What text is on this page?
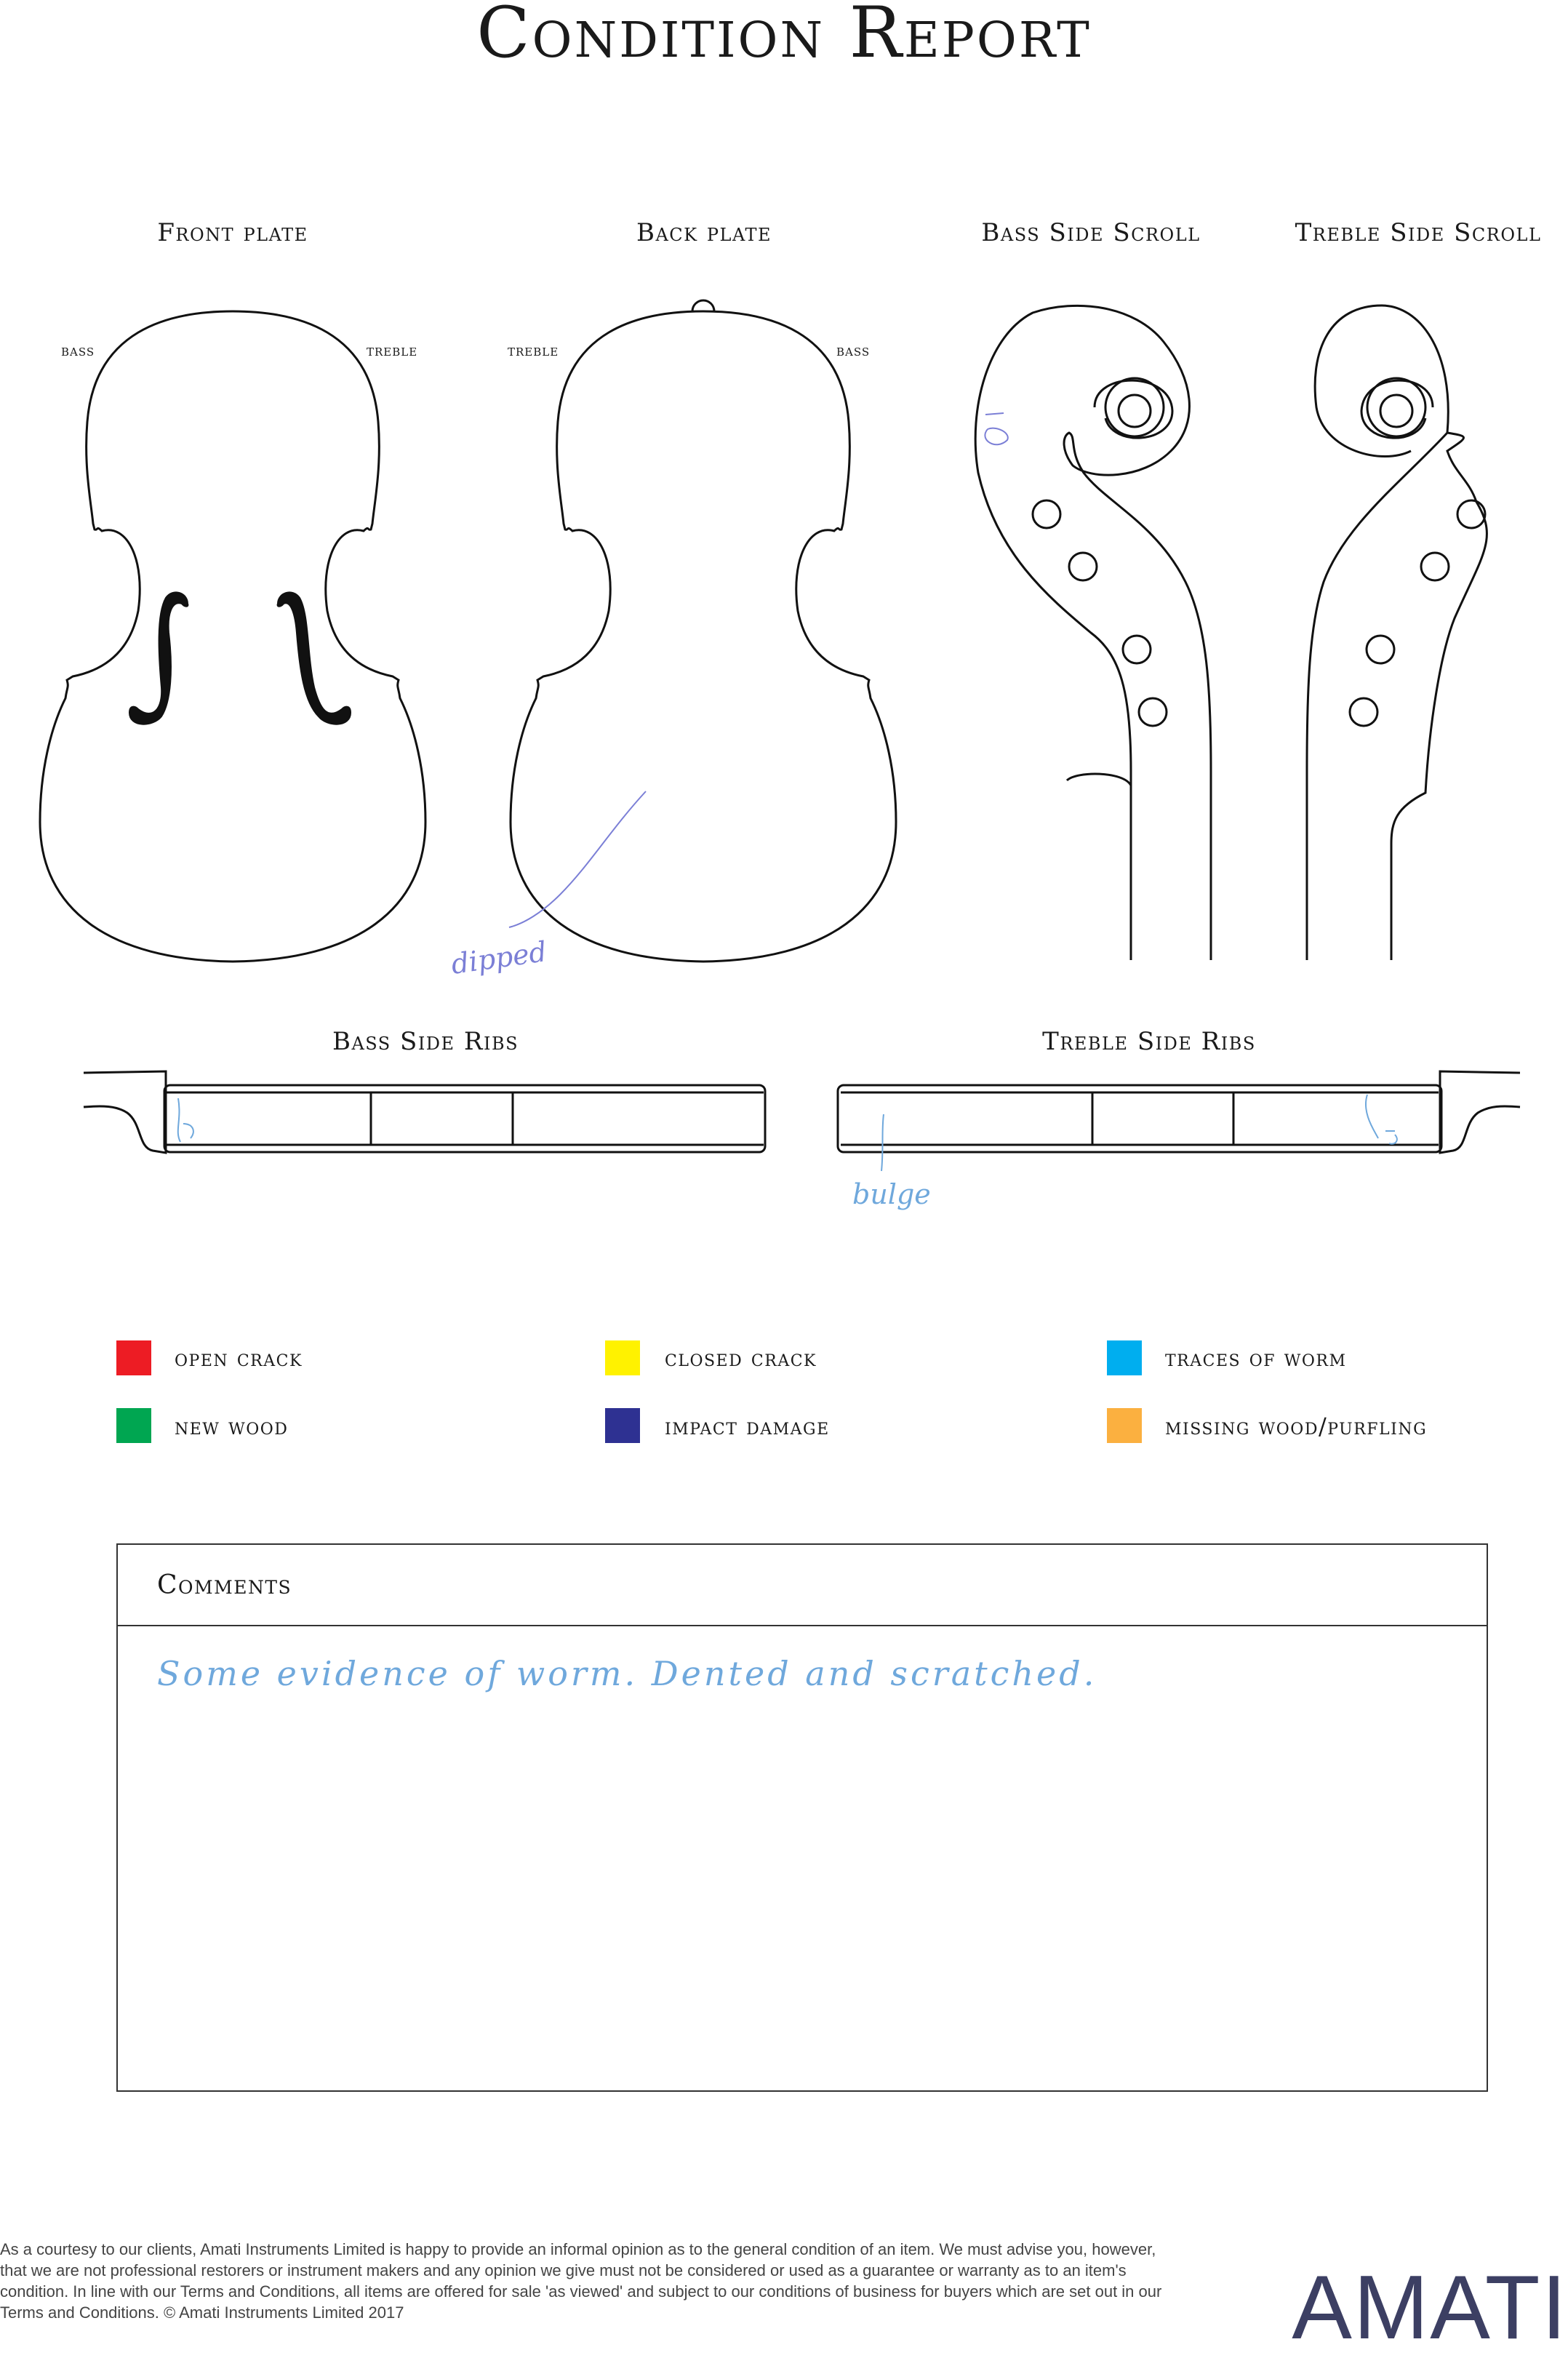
Condition Report
Front plate	Back plate	Bass Side Scroll	Treble Side Scroll
bass	treble	treble	bass
Bass Side Ribs	Treble Side Ribs
dipped
bulge
open crack	closed crack	traces of worm
new wood	impact damage	missing wood/purfling
Comments
Some evidence of worm. Dented and scratched.
As a courtesy to our clients, Amati Instruments Limited is happy to provide an informal opinion as to the general condition of an item. We must advise you, however, that we are not professional restorers or instrument makers and any opinion we give must not be considered or used as a guarantee or warranty as to an item's condition. In line with our Terms and Conditions, all items are offered for sale 'as viewed' and subject to our conditions of business for buyers which are set out in our Terms and Conditions. © Amati Instruments Limited 2017	AMATI
